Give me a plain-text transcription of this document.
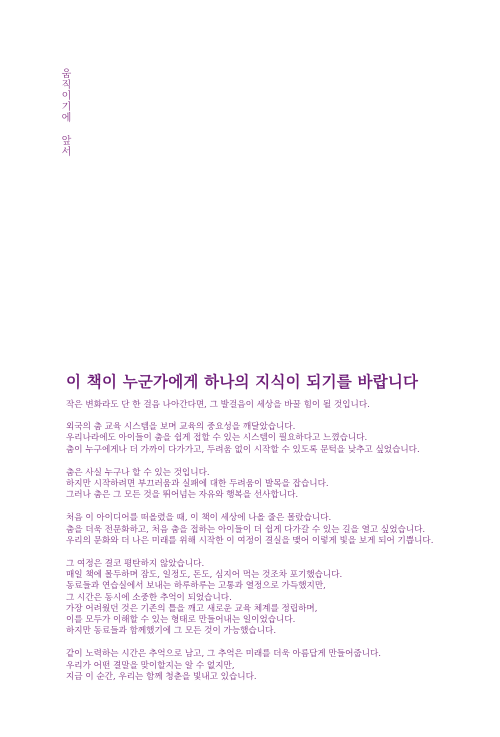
움직이기에 앞서
이 책이 누군가에게 하나의 지식이 되기를 바랍니다
작은 변화라도 단 한 걸음 나아간다면, 그 발걸음이 세상을 바꿀 힘이 될 것입니다.
외국의 춤 교육 시스템을 보며 교육의 중요성을 깨달았습니다.
우리나라에도 아이들이 춤을 쉽게 접할 수 있는 시스템이 필요하다고 느꼈습니다.
춤이 누구에게나 더 가까이 다가가고, 두려움 없이 시작할 수 있도록 문턱을 낮추고 싶었습니다.
춤은 사실 누구나 할 수 있는 것입니다.
하지만 시작하려면 부끄러움과 실패에 대한 두려움이 발목을 잡습니다.
그러나 춤은 그 모든 것을 뛰어넘는 자유와 행복을 선사합니다.
처음 이 아이디어를 떠올렸을 때, 이 책이 세상에 나올 줄은 몰랐습니다.
춤을 더욱 전문화하고, 처음 춤을 접하는 아이들이 더 쉽게 다가갈 수 있는 길을 열고 싶었습니다.
우리의 문화와 더 나은 미래를 위해 시작한 이 여정이 결실을 맺어 이렇게 빛을 보게 되어 기쁩니다.
그 여정은 결코 평탄하지 않았습니다.
매일 책에 몰두하며 잠도, 일정도, 돈도, 심지어 먹는 것조차 포기했습니다.
동료들과 연습실에서 보내는 하루하루는 고통과 열정으로 가득했지만,
그 시간은 동시에 소중한 추억이 되었습니다.
가장 어려웠던 것은 기존의 틀을 깨고 새로운 교육 체계를 정립하며,
이를 모두가 이해할 수 있는 형태로 만들어내는 일이었습니다.
하지만 동료들과 함께했기에 그 모든 것이 가능했습니다.
같이 노력하는 시간은 추억으로 남고, 그 추억은 미래를 더욱 아름답게 만들어줍니다.
우리가 어떤 결말을 맞이할지는 알 수 없지만,
지금 이 순간, 우리는 함께 청춘을 빛내고 있습니다.
